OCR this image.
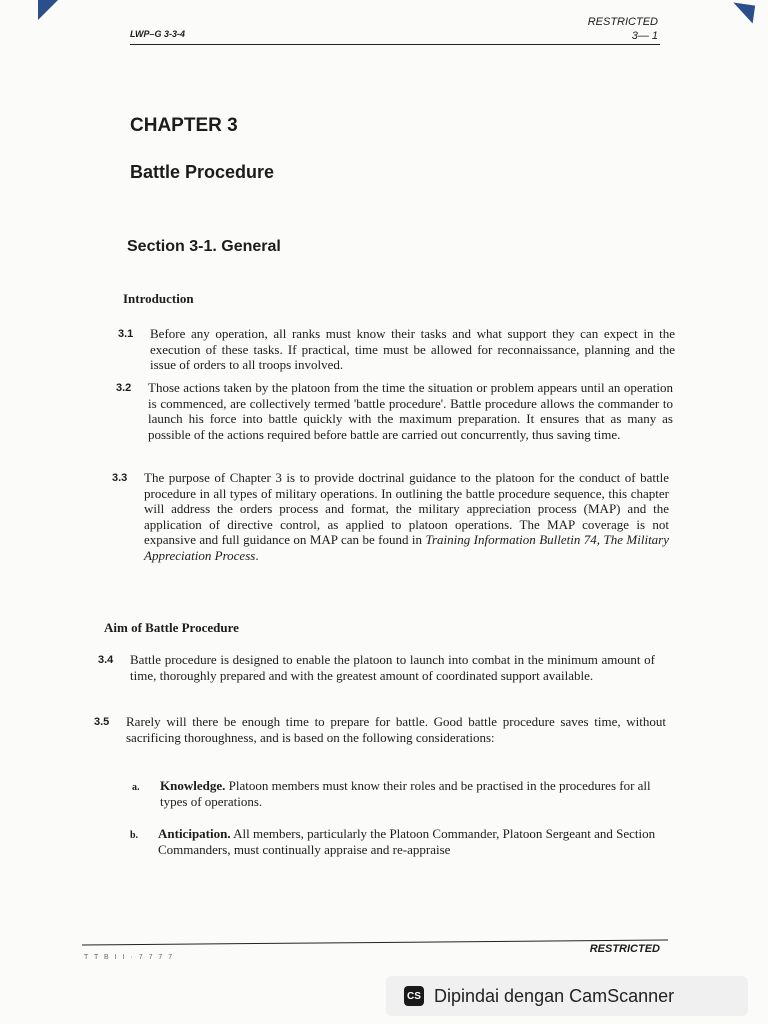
LWP–G 3-3-4
RESTRICTED
3— 1
CHAPTER 3
Battle Procedure
Section 3-1. General
Introduction
3.1 Before any operation, all ranks must know their tasks and what support they can expect in the execution of these tasks. If practical, time must be allowed for reconnaissance, planning and the issue of orders to all troops involved.
3.2 Those actions taken by the platoon from the time the situation or problem appears until an operation is commenced, are collectively termed 'battle procedure'. Battle procedure allows the commander to launch his force into battle quickly with the maximum preparation. It ensures that as many as possible of the actions required before battle are carried out concurrently, thus saving time.
3.3 The purpose of Chapter 3 is to provide doctrinal guidance to the platoon for the conduct of battle procedure in all types of military operations. In outlining the battle procedure sequence, this chapter will address the orders process and format, the military appreciation process (MAP) and the application of directive control, as applied to platoon operations. The MAP coverage is not expansive and full guidance on MAP can be found in Training Information Bulletin 74, The Military Appreciation Process.
Aim of Battle Procedure
3.4 Battle procedure is designed to enable the platoon to launch into combat in the minimum amount of time, thoroughly prepared and with the greatest amount of coordinated support available.
3.5 Rarely will there be enough time to prepare for battle. Good battle procedure saves time, without sacrificing thoroughness, and is based on the following considerations:
a. Knowledge. Platoon members must know their roles and be practised in the procedures for all types of operations.
b. Anticipation. All members, particularly the Platoon Commander, Platoon Sergeant and Section Commanders, must continually appraise and re-appraise
RESTRICTED
T T B I I · 7 7 7 7
CS Dipindai dengan CamScanner
